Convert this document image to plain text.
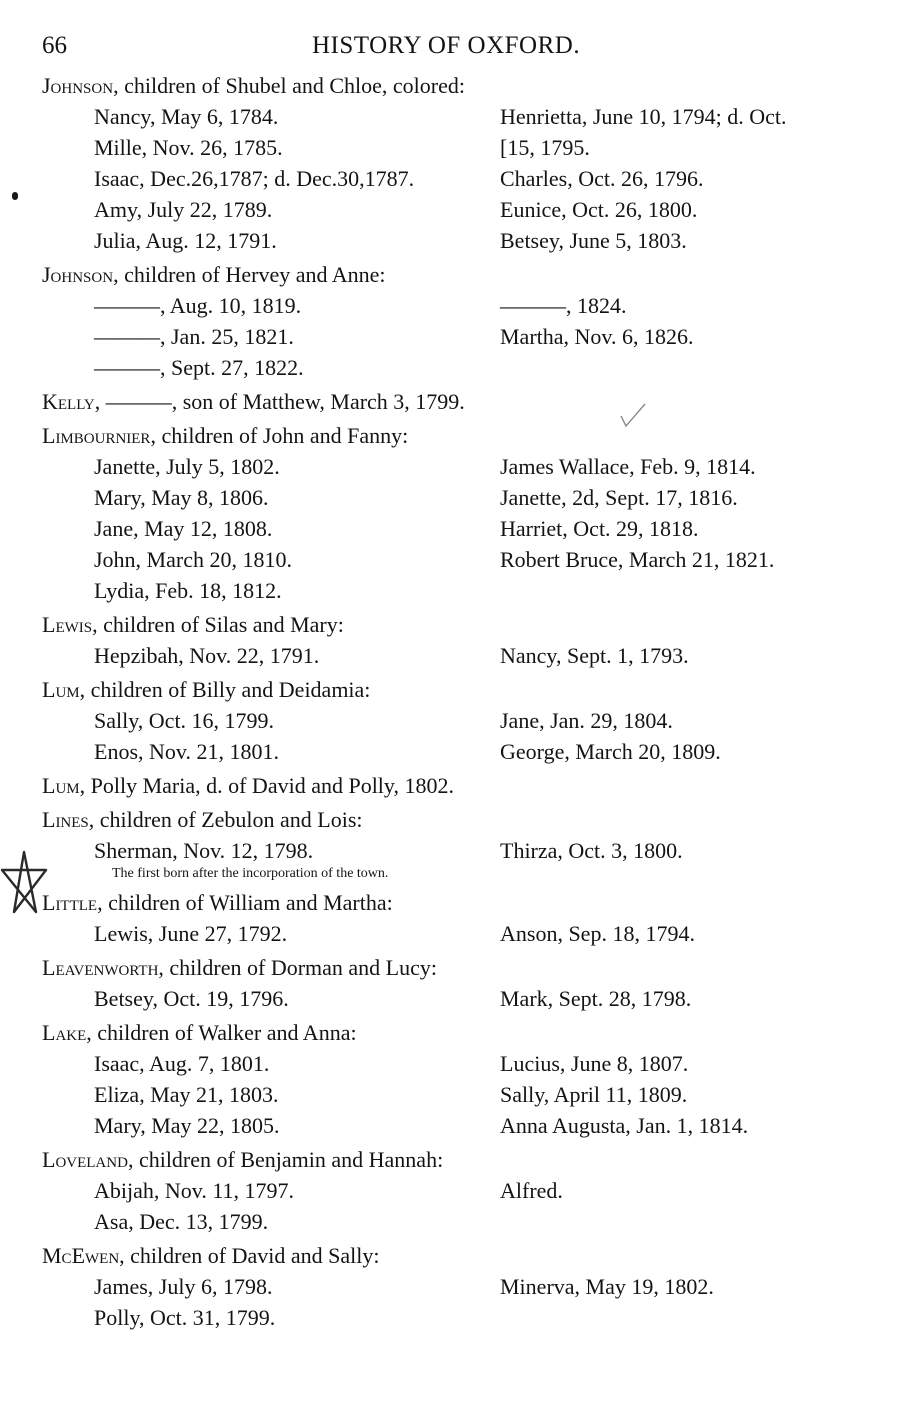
66	HISTORY OF OXFORD.

Johnson, children of Shubel and Chloe, colored:

Nancy, May 6, 1784.	Henrietta, June 10, 1794; d. Oct.
Mille, Nov. 26, 1785.	[15, 1795.
Isaac, Dec.26,1787; d. Dec.30,1787.	Charles, Oct. 26, 1796.
Amy, July 22, 1789.	Eunice, Oct. 26, 1800.
Julia, Aug. 12, 1791.	Betsey, June 5, 1803.

Johnson, children of Hervey and Anne:

———, Aug. 10, 1819.	———, 1824.
———, Jan. 25, 1821.	Martha, Nov. 6, 1826.
———, Sept. 27, 1822.

Kelly, ———, son of Matthew, March 3, 1799.

Limbournier, children of John and Fanny:

Janette, July 5, 1802.	James Wallace, Feb. 9, 1814.
Mary, May 8, 1806.	Janette, 2d, Sept. 17, 1816.
Jane, May 12, 1808.	Harriet, Oct. 29, 1818.
John, March 20, 1810.	Robert Bruce, March 21, 1821.
Lydia, Feb. 18, 1812.

Lewis, children of Silas and Mary:

Hepzibah, Nov. 22, 1791.	Nancy, Sept. 1, 1793.

Lum, children of Billy and Deidamia:

Sally, Oct. 16, 1799.	Jane, Jan. 29, 1804.
Enos, Nov. 21, 1801.	George, March 20, 1809.

Lum, Polly Maria, d. of David and Polly, 1802.

Lines, children of Zebulon and Lois:

Sherman, Nov. 12, 1798.	Thirza, Oct. 3, 1800.
The first born after the incorporation of the town.

Little, children of William and Martha:

Lewis, June 27, 1792.	Anson, Sep. 18, 1794.

Leavenworth, children of Dorman and Lucy:

Betsey, Oct. 19, 1796.	Mark, Sept. 28, 1798.

Lake, children of Walker and Anna:

Isaac, Aug. 7, 1801.	Lucius, June 8, 1807.
Eliza, May 21, 1803.	Sally, April 11, 1809.
Mary, May 22, 1805.	Anna Augusta, Jan. 1, 1814.

Loveland, children of Benjamin and Hannah:

Abijah, Nov. 11, 1797.	Alfred.
Asa, Dec. 13, 1799.

McEwen, children of David and Sally:

James, July 6, 1798.	Minerva, May 19, 1802.
Polly, Oct. 31, 1799.
